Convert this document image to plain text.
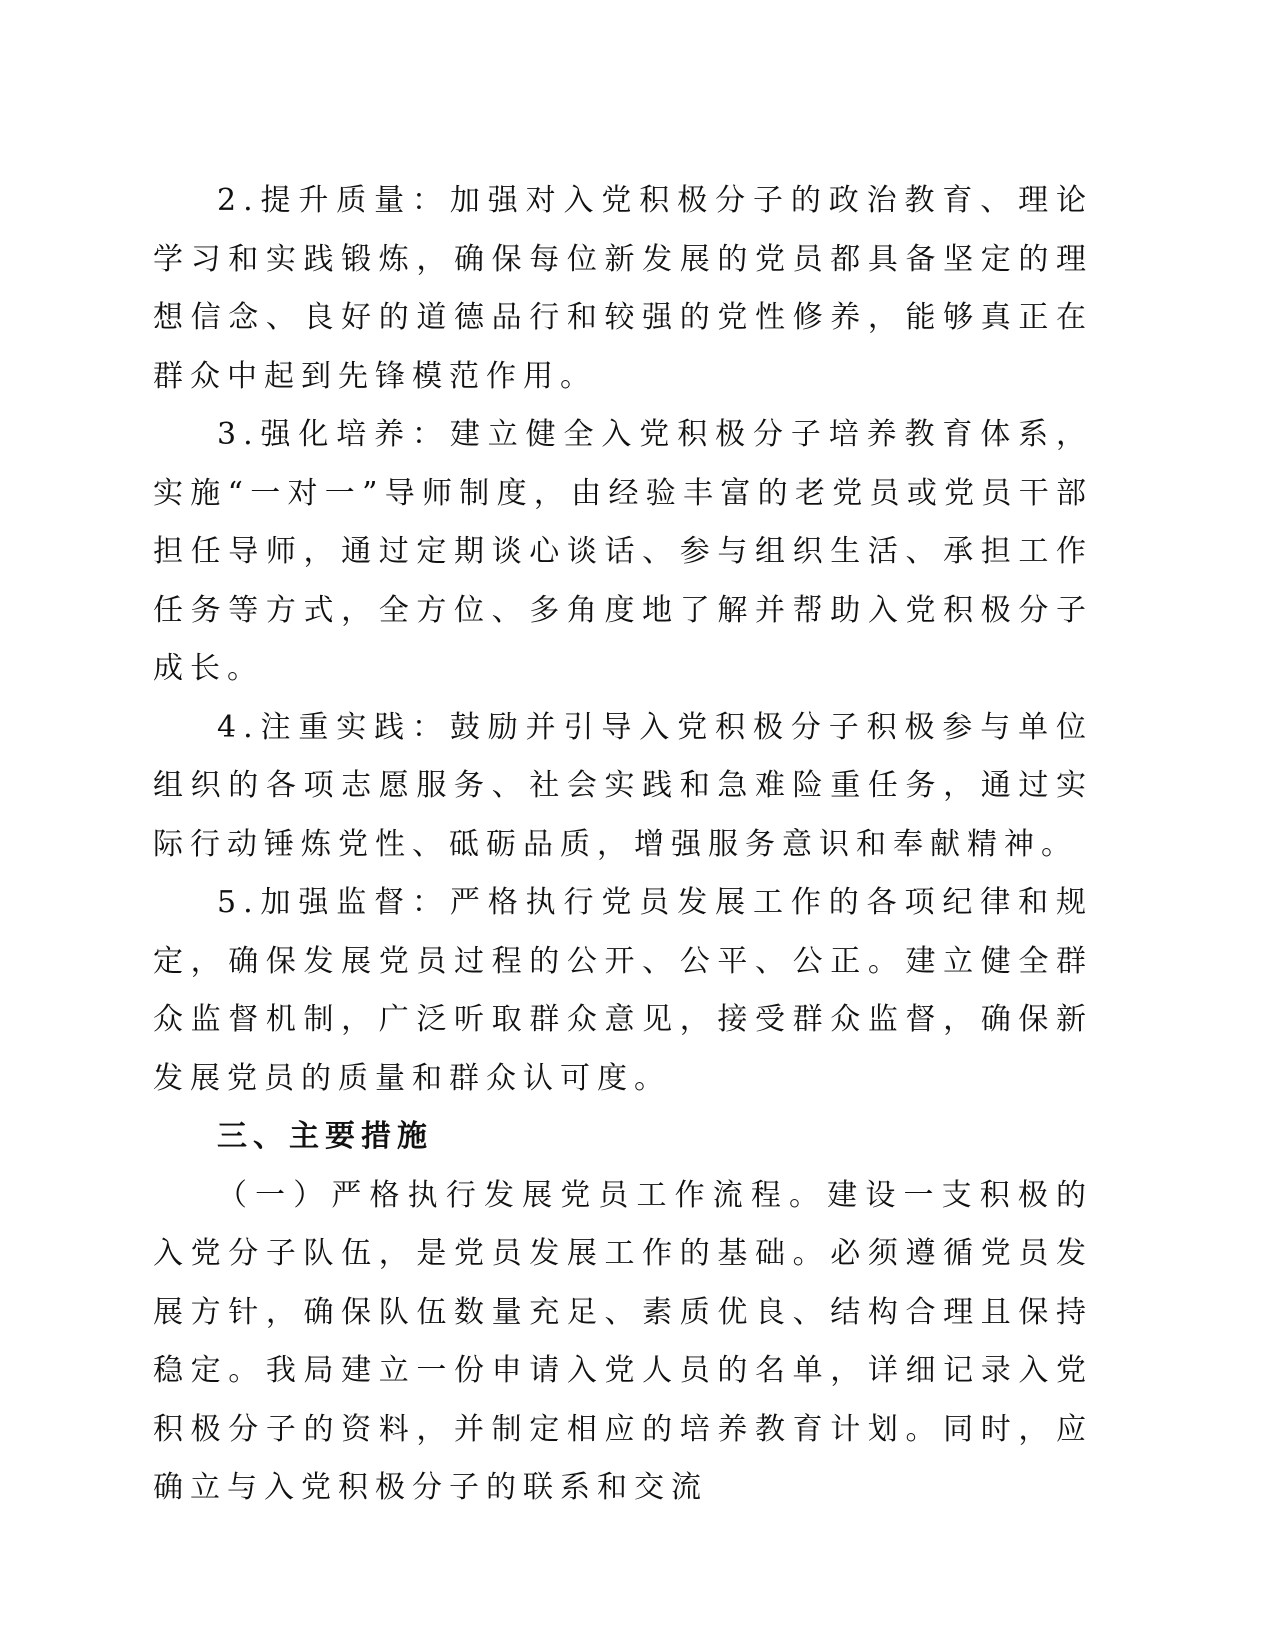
2.提升质量：加强对入党积极分子的政治教育、理论学习和实践锻炼，确保每位新发展的党员都具备坚定的理想信念、良好的道德品行和较强的党性修养，能够真正在群众中起到先锋模范作用。

3.强化培养：建立健全入党积极分子培养教育体系，实施“一对一”导师制度，由经验丰富的老党员或党员干部担任导师，通过定期谈心谈话、参与组织生活、承担工作任务等方式，全方位、多角度地了解并帮助入党积极分子成长。

4.注重实践：鼓励并引导入党积极分子积极参与单位组织的各项志愿服务、社会实践和急难险重任务，通过实际行动锤炼党性、砥砺品质，增强服务意识和奉献精神。

5.加强监督：严格执行党员发展工作的各项纪律和规定，确保发展党员过程的公开、公平、公正。建立健全群众监督机制，广泛听取群众意见，接受群众监督，确保新发展党员的质量和群众认可度。

三、主要措施

（一）严格执行发展党员工作流程。建设一支积极的入党分子队伍，是党员发展工作的基础。必须遵循党员发展方针，确保队伍数量充足、素质优良、结构合理且保持稳定。我局建立一份申请入党人员的名单，详细记录入党积极分子的资料，并制定相应的培养教育计划。同时，应确立与入党积极分子的联系和交流
